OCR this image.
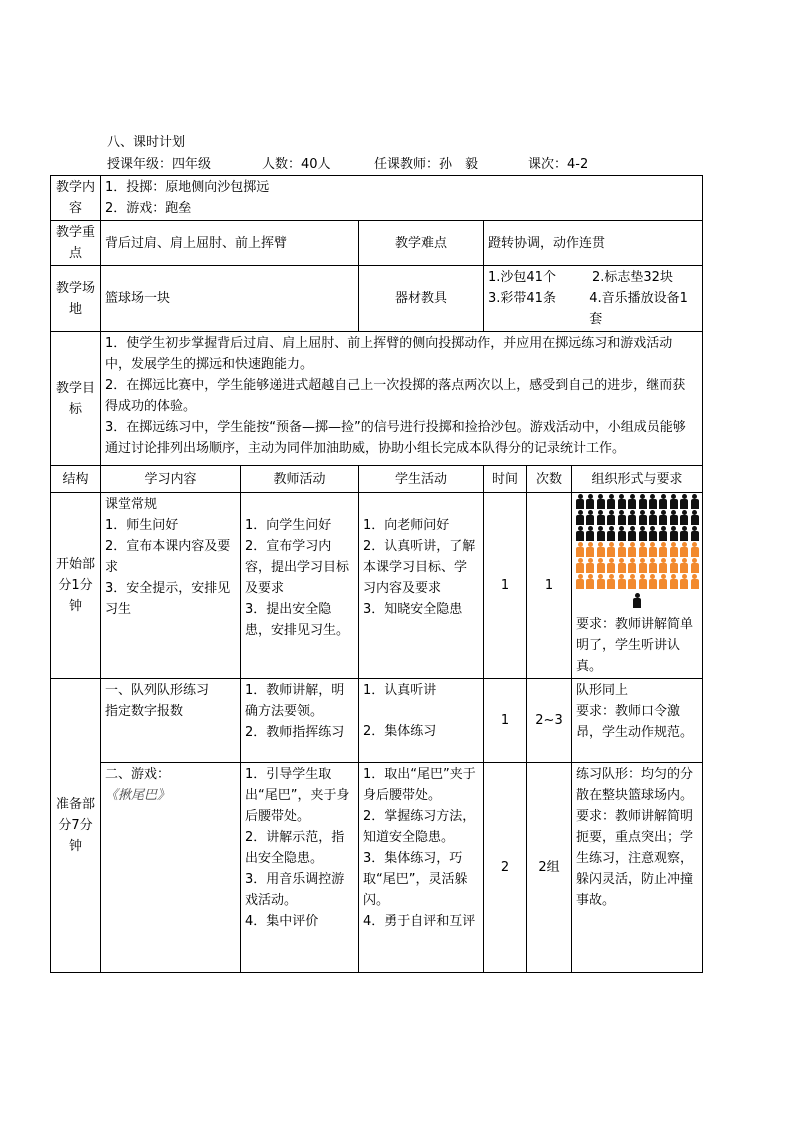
八、课时计划
授课年级：四年级	人数：40人	任课教师：孙　毅	课次：4-2
教学内容	1．投掷：原地侧向沙包掷远
2．游戏：跑垒					

教学重点	背后过肩、肩上屈肘、前上挥臂		教学难点	蹬转协调，动作连贯		
教学场地	篮球场一块		器材教具	1.沙包41个 2.标志垫32块
3.彩带41条 4.音乐播放设备1套		

教学目标	1．使学生初步掌握背后过肩、肩上屈肘、前上挥臂的侧向投掷动作，并应用在掷远练习和游戏活动中，发展学生的掷远和快速跑能力。
2．在掷远比赛中，学生能够递进式超越自己上一次投掷的落点两次以上，感受到自己的进步，继而获得成功的体验。
3．在掷远练习中，学生能按“预备—掷—捡”的信号进行投掷和捡拾沙包。游戏活动中，小组成员能够通过讨论排列出场顺序，主动为同伴加油助威，协助小组长完成本队得分的记录统计工作。					

结构	学习内容	教师活动	学生活动	时间	次数	组织形式与要求
开始部分1分钟	课堂常规
1．师生问好
2．宣布本课内容及要求
3．安全提示，安排见习生	1．向学生问好
2．宣布学习内容，提出学习目标及要求
3．提出安全隐患，安排见习生。	1．向老师问好
2．认真听讲，了解本课学习目标、学习内容及要求
3．知晓安全隐患	1	1	要求：教师讲解简单明了，学生听讲认真。

准备部分7分钟	一、队列队形练习
指定数字报数	1．教师讲解，明确方法要领。
2．教师指挥练习	1．认真听讲
2．集体练习	1	2~3	队形同上
要求：教师口令激昂，学生动作规范。

	二、游戏：
《揪尾巴》	1．引导学生取出“尾巴”，夹于身后腰带处。
2．讲解示范，指出安全隐患。
3．用音乐调控游戏活动。
4．集中评价	1．取出“尾巴”夹于身后腰带处。
2．掌握练习方法，知道安全隐患。
3．集体练习，巧取“尾巴”，灵活躲闪。
4．勇于自评和互评	2	2组	练习队形：均匀的分散在整块篮球场内。
要求：教师讲解简明扼要，重点突出；学生练习，注意观察，躲闪灵活，防止冲撞事故。
